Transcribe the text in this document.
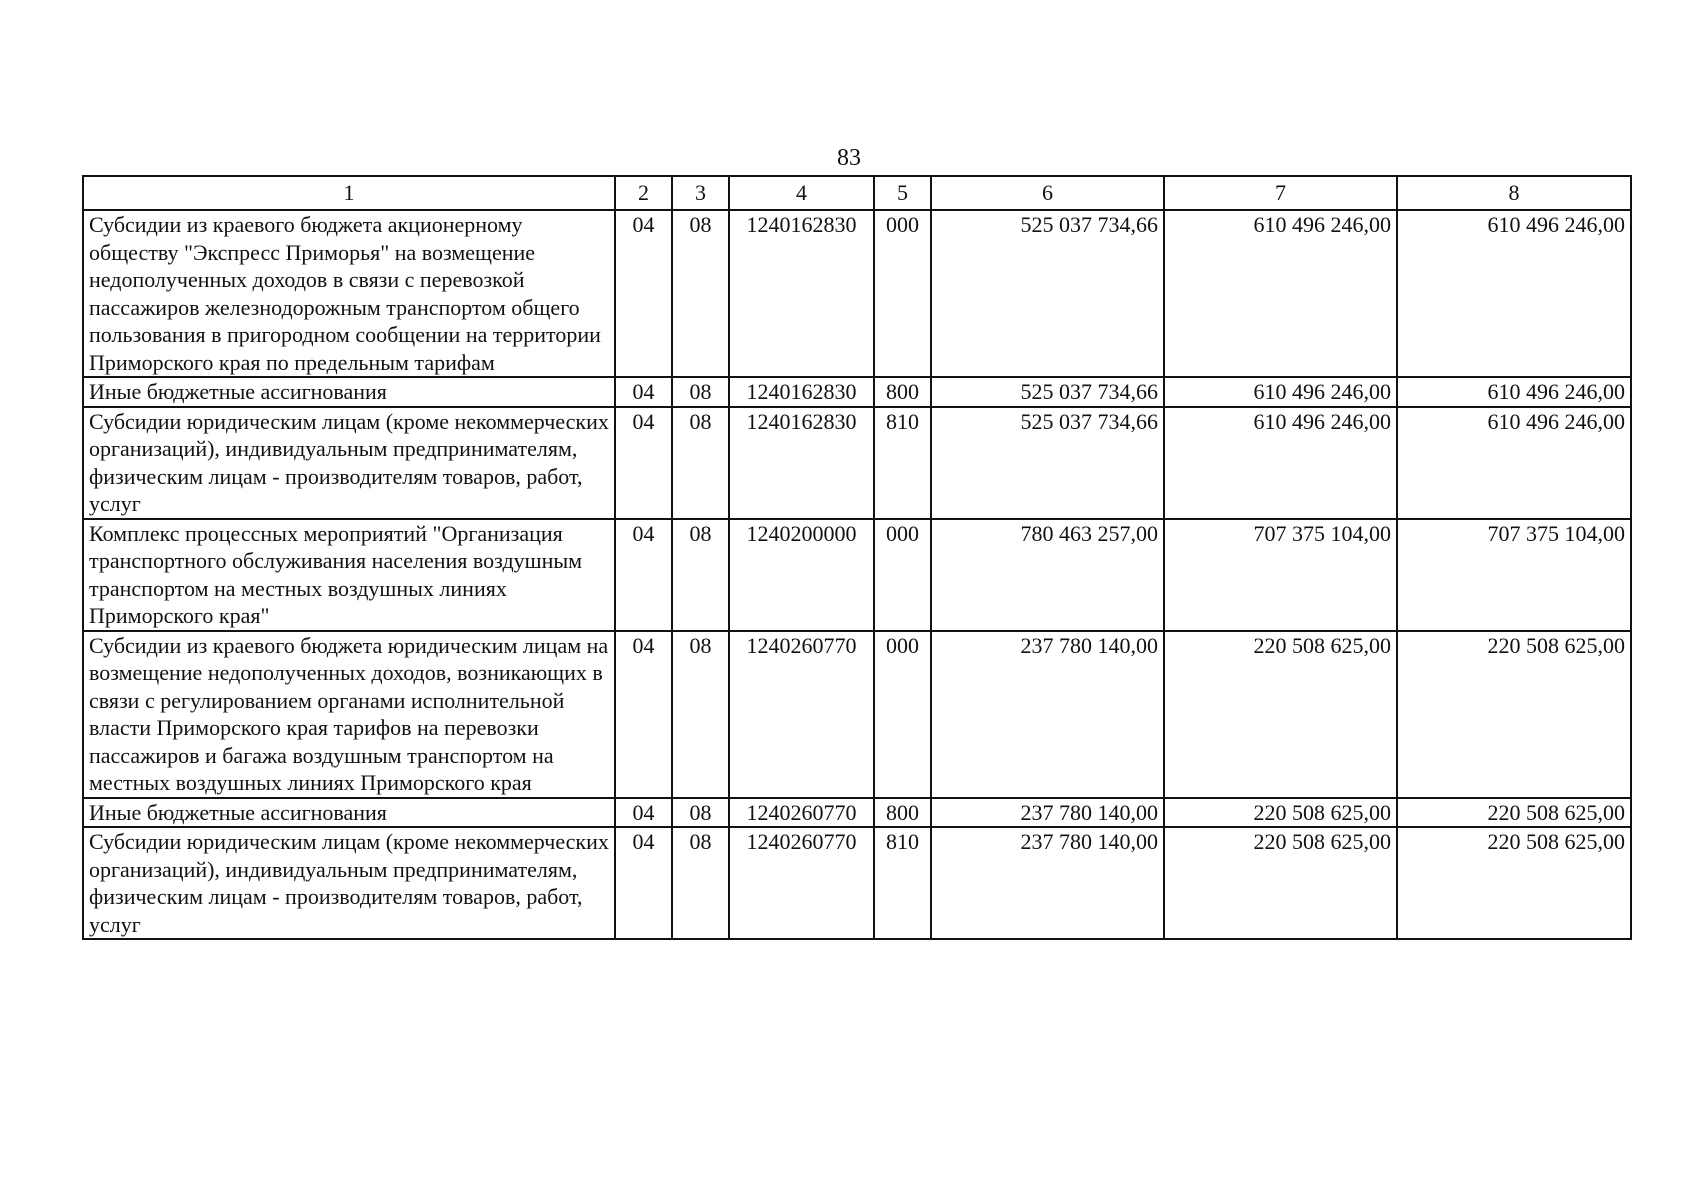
83
1	2	3	4	5	6	7	8
Субсидии из краевого бюджета акционерному обществу "Экспресс Приморья" на возмещение недополученных доходов в связи с перевозкой пассажиров железнодорожным транспортом общего пользования в пригородном сообщении на территории Приморского края по предельным тарифам	04	08	1240162830	000	525 037 734,66	610 496 246,00	610 496 246,00
Иные бюджетные ассигнования	04	08	1240162830	800	525 037 734,66	610 496 246,00	610 496 246,00
Субсидии юридическим лицам (кроме некоммерческих организаций), индивидуальным предпринимателям, физическим лицам - производителям товаров, работ, услуг	04	08	1240162830	810	525 037 734,66	610 496 246,00	610 496 246,00
Комплекс процессных мероприятий "Организация транспортного обслуживания населения воздушным транспортом на местных воздушных линиях Приморского края"	04	08	1240200000	000	780 463 257,00	707 375 104,00	707 375 104,00
Субсидии из краевого бюджета юридическим лицам на возмещение недополученных доходов, возникающих в связи с регулированием органами исполнительной власти Приморского края тарифов на перевозки пассажиров и багажа воздушным транспортом на местных воздушных линиях Приморского края	04	08	1240260770	000	237 780 140,00	220 508 625,00	220 508 625,00
Иные бюджетные ассигнования	04	08	1240260770	800	237 780 140,00	220 508 625,00	220 508 625,00
Субсидии юридическим лицам (кроме некоммерческих организаций), индивидуальным предпринимателям, физическим лицам - производителям товаров, работ, услуг	04	08	1240260770	810	237 780 140,00	220 508 625,00	220 508 625,00
